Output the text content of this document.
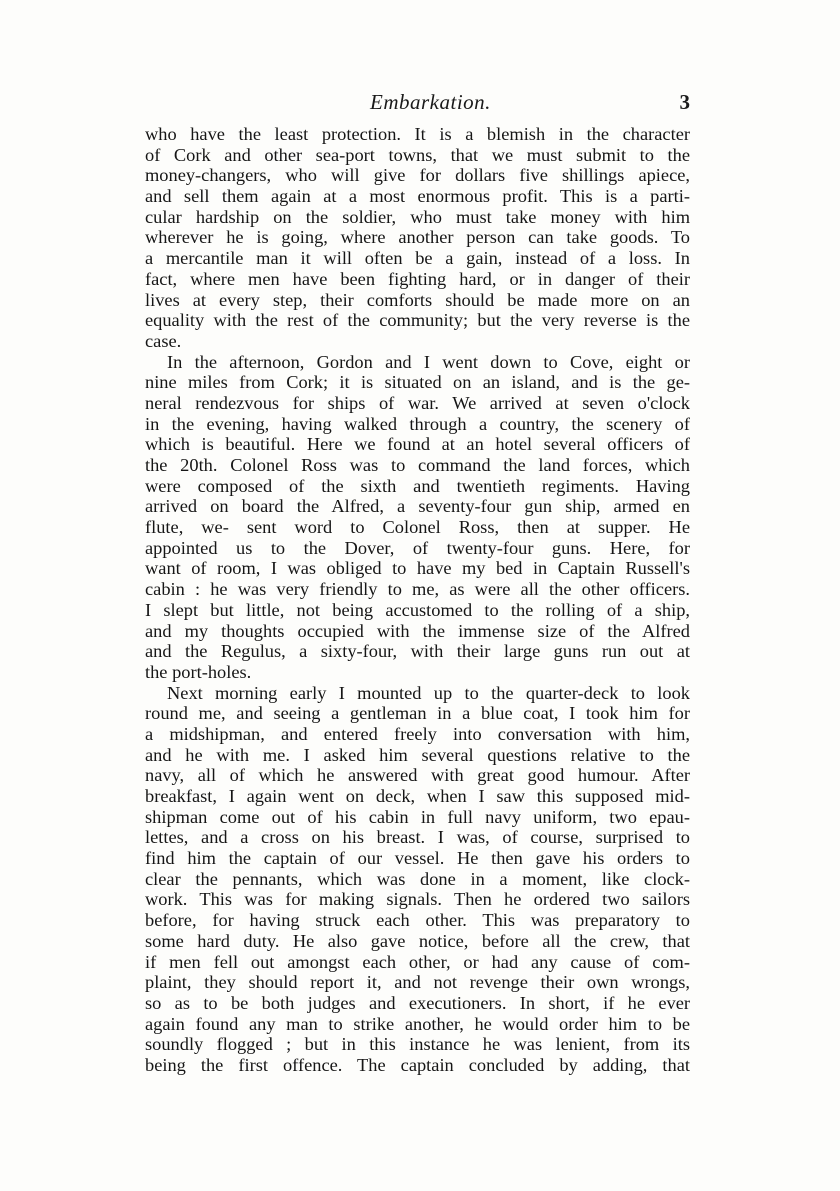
Embarkation.	3
who have the least protection. It is a blemish in the character
of Cork and other sea-port towns, that we must submit to the
money-changers, who will give for dollars five shillings apiece,
and sell them again at a most enormous profit. This is a parti-
cular hardship on the soldier, who must take money with him
wherever he is going, where another person can take goods. To
a mercantile man it will often be a gain, instead of a loss. In
fact, where men have been fighting hard, or in danger of their
lives at every step, their comforts should be made more on an
equality with the rest of the community; but the very reverse is the
case.
In the afternoon, Gordon and I went down to Cove, eight or
nine miles from Cork; it is situated on an island, and is the ge-
neral rendezvous for ships of war. We arrived at seven o'clock
in the evening, having walked through a country, the scenery of
which is beautiful. Here we found at an hotel several officers of
the 20th. Colonel Ross was to command the land forces, which
were composed of the sixth and twentieth regiments. Having
arrived on board the Alfred, a seventy-four gun ship, armed en
flute, we- sent word to Colonel Ross, then at supper. He
appointed us to the Dover, of twenty-four guns. Here, for
want of room, I was obliged to have my bed in Captain Russell's
cabin : he was very friendly to me, as were all the other officers.
I slept but little, not being accustomed to the rolling of a ship,
and my thoughts occupied with the immense size of the Alfred
and the Regulus, a sixty-four, with their large guns run out at
the port-holes.
Next morning early I mounted up to the quarter-deck to look
round me, and seeing a gentleman in a blue coat, I took him for
a midshipman, and entered freely into conversation with him,
and he with me. I asked him several questions relative to the
navy, all of which he answered with great good humour. After
breakfast, I again went on deck, when I saw this supposed mid-
shipman come out of his cabin in full navy uniform, two epau-
lettes, and a cross on his breast. I was, of course, surprised to
find him the captain of our vessel. He then gave his orders to
clear the pennants, which was done in a moment, like clock-
work. This was for making signals. Then he ordered two sailors
before, for having struck each other. This was preparatory to
some hard duty. He also gave notice, before all the crew, that
if men fell out amongst each other, or had any cause of com-
plaint, they should report it, and not revenge their own wrongs,
so as to be both judges and executioners. In short, if he ever
again found any man to strike another, he would order him to be
soundly flogged ; but in this instance he was lenient, from its
being the first offence. The captain concluded by adding, that
